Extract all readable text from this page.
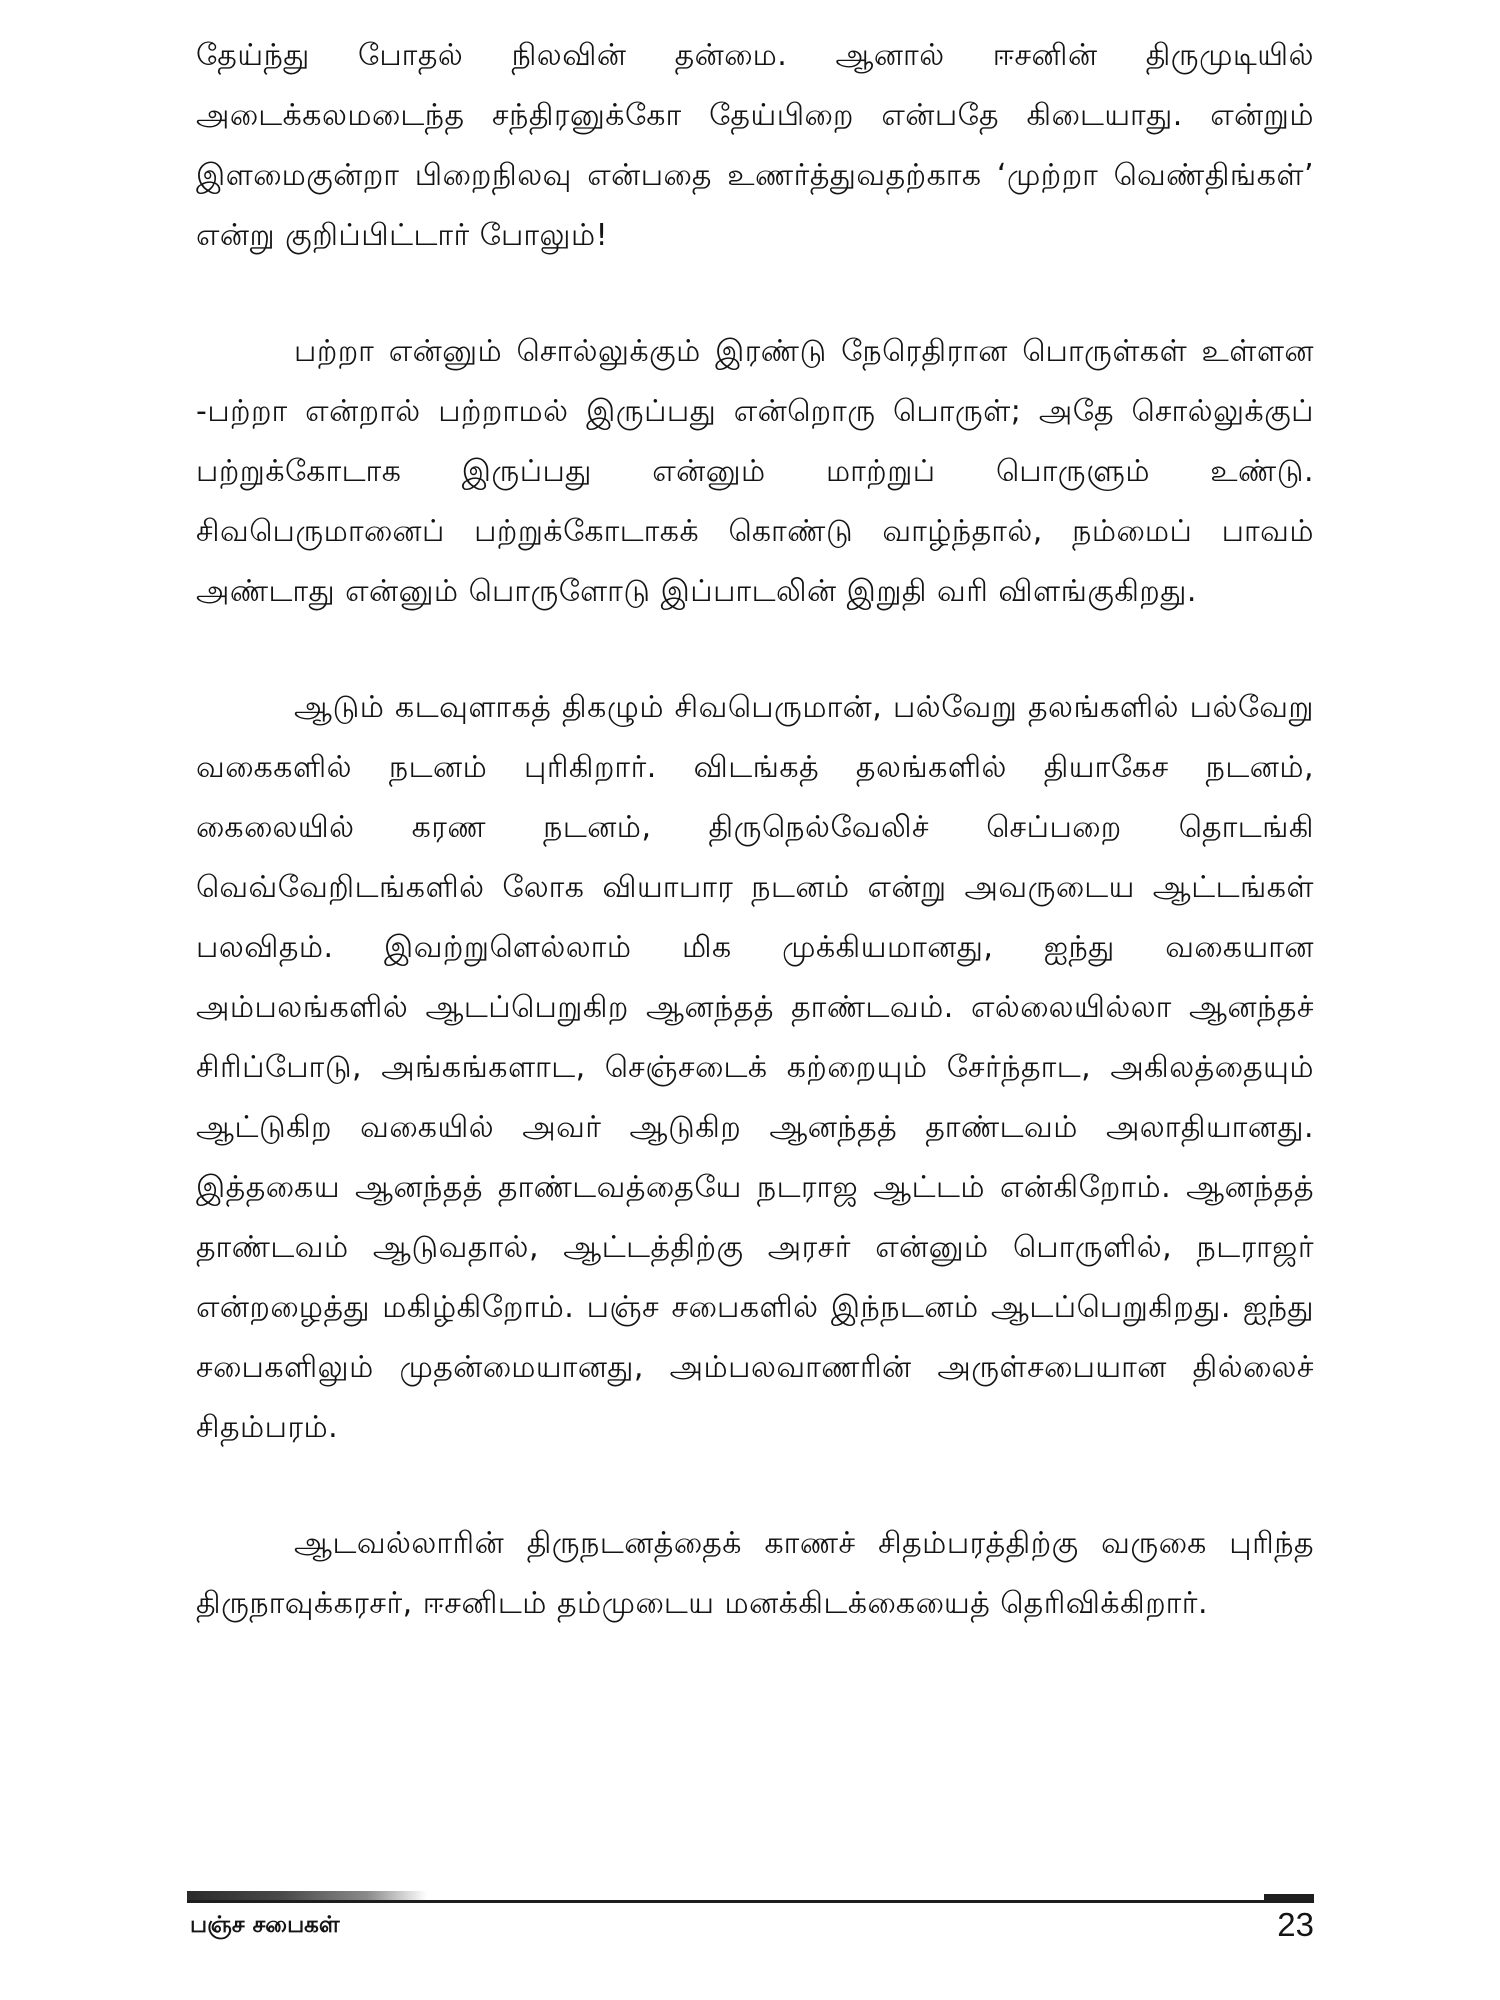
தேய்ந்து போதல் நிலவின் தன்மை. ஆனால் ஈசனின் திருமுடியில் அடைக்கலமடைந்த சந்திரனுக்கோ தேய்பிறை என்பதே கிடையாது. என்றும் இளமைகுன்றா பிறைநிலவு என்பதை உணர்த்துவதற்காக ‘முற்றா வெண்திங்கள்’ என்று குறிப்பிட்டார் போலும்!

பற்றா என்னும் சொல்லுக்கும் இரண்டு நேரெதிரான பொருள்கள் உள்ளன -பற்றா என்றால் பற்றாமல் இருப்பது என்றொரு பொருள்; அதே சொல்லுக்குப் பற்றுக்கோடாக இருப்பது என்னும் மாற்றுப் பொருளும் உண்டு. சிவபெருமானைப் பற்றுக்கோடாகக் கொண்டு வாழ்ந்தால், நம்மைப் பாவம் அண்டாது என்னும் பொருளோடு இப்பாடலின் இறுதி வரி விளங்குகிறது.

ஆடும் கடவுளாகத் திகழும் சிவபெருமான், பல்வேறு தலங்களில் பல்வேறு வகைகளில் நடனம் புரிகிறார். விடங்கத் தலங்களில் தியாகேச நடனம், கைலையில் கரண நடனம், திருநெல்வேலிச் செப்பறை தொடங்கி வெவ்வேறிடங்களில் லோக வியாபார நடனம் என்று அவருடைய ஆட்டங்கள் பலவிதம். இவற்றுளெல்லாம் மிக முக்கியமானது, ஐந்து வகையான அம்பலங்களில் ஆடப்பெறுகிற ஆனந்தத் தாண்டவம். எல்லையில்லா ஆனந்தச் சிரிப்போடு, அங்கங்களாட, செஞ்சடைக் கற்றையும் சேர்ந்தாட, அகிலத்தையும் ஆட்டுகிற வகையில் அவர் ஆடுகிற ஆனந்தத் தாண்டவம் அலாதியானது. இத்தகைய ஆனந்தத் தாண்டவத்தையே நடராஜ ஆட்டம் என்கிறோம். ஆனந்தத் தாண்டவம் ஆடுவதால், ஆட்டத்திற்கு அரசர் என்னும் பொருளில், நடராஜர் என்றழைத்து மகிழ்கிறோம். பஞ்ச சபைகளில் இந்நடனம் ஆடப்பெறுகிறது. ஐந்து சபைகளிலும் முதன்மையானது, அம்பலவாணரின் அருள்சபையான தில்லைச் சிதம்பரம்.

ஆடவல்லாரின் திருநடனத்தைக் காணச் சிதம்பரத்திற்கு வருகை புரிந்த திருநாவுக்கரசர், ஈசனிடம் தம்முடைய மனக்கிடக்கையைத் தெரிவிக்கிறார்.

பஞ்ச சபைகள்	23
